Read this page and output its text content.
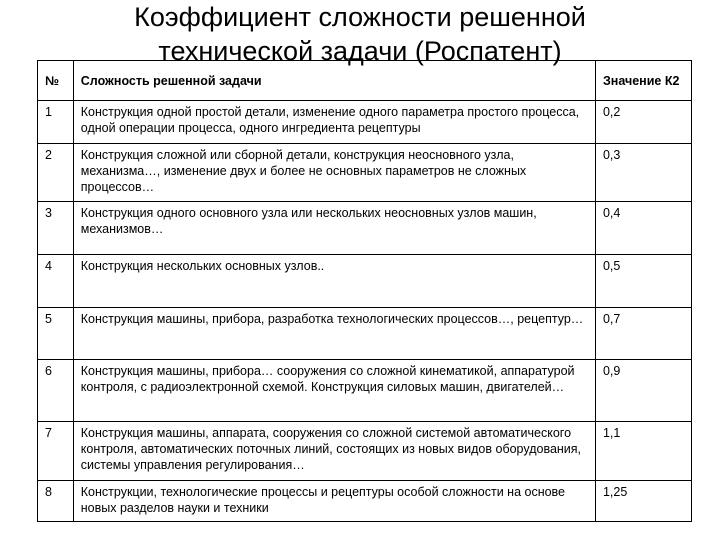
Коэффициент сложности решенной
технической задачи (Роспатент)
№	Сложность решенной задачи	Значение К2
1	Конструкция одной простой детали, изменение одного параметра простого процесса, одной операции процесса, одного ингредиента рецептуры	0,2
2	Конструкция сложной или сборной детали, конструкция неосновного узла, механизма…, изменение двух и более не основных параметров не сложных процессов…	0,3
3	Конструкция одного основного узла или нескольких неосновных узлов машин, механизмов…	0,4
4	Конструкция нескольких основных узлов..	0,5
5	Конструкция машины, прибора, разработка технологических процессов…, рецептур…	0,7
6	Конструкция машины, прибора… сооружения со сложной кинематикой, аппаратурой контроля, с радиоэлектронной схемой. Конструкция силовых машин, двигателей…	0,9
7	Конструкция машины, аппарата, сооружения со сложной системой автоматического контроля, автоматических поточных линий, состоящих из новых видов оборудования, системы управления регулирования…	1,1
8	Конструкции, технологические процессы и рецептуры особой сложности на основе новых разделов науки и техники	1,25
